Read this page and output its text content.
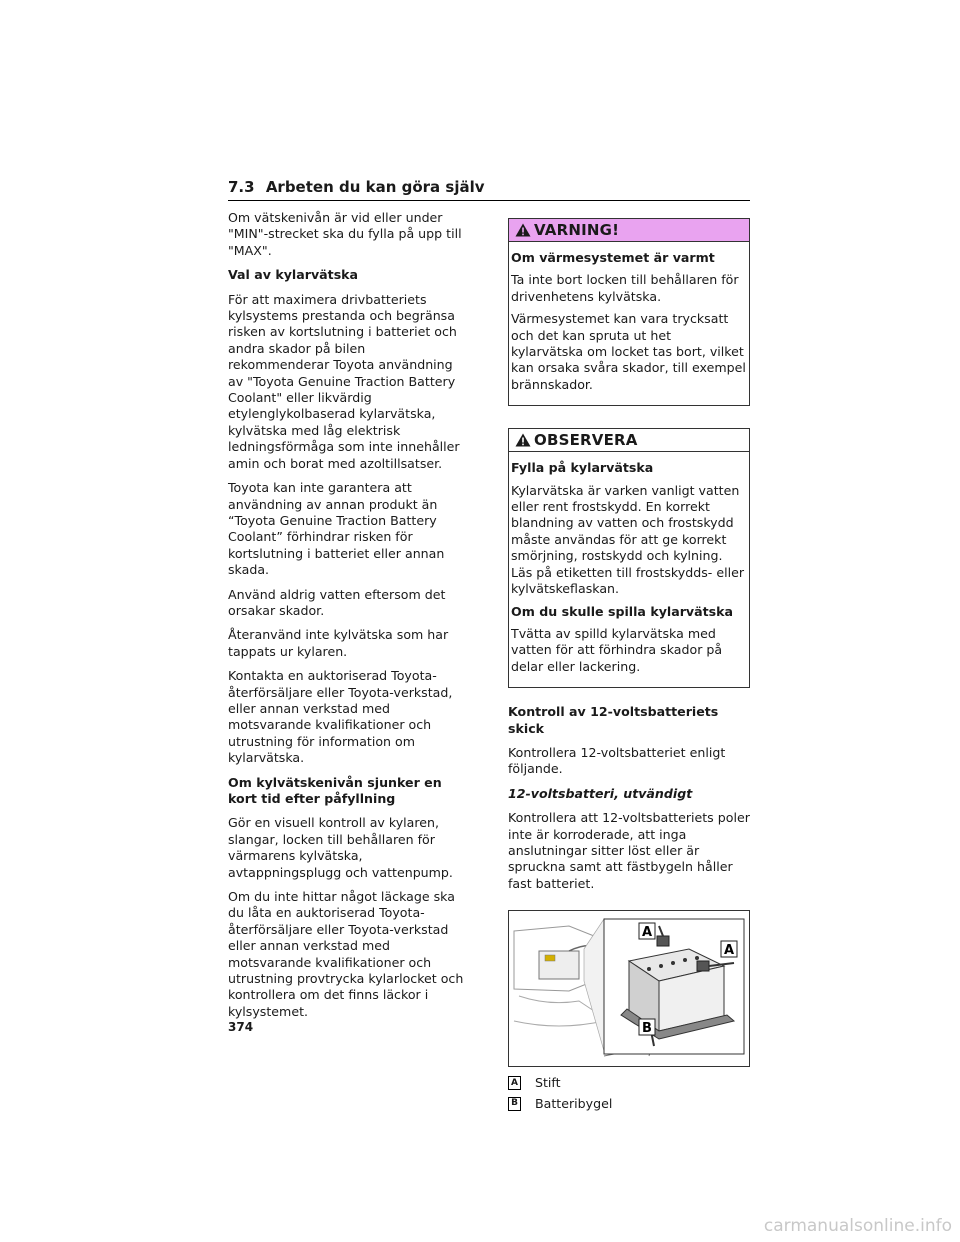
7.3 Arbeten du kan göra själv

Om vätskenivån är vid eller under "MIN"-strecket ska du fylla på upp till "MAX".

Val av kylarvätska

För att maximera drivbatteriets kylsystems prestanda och begränsa risken av kortslutning i batteriet och andra skador på bilen rekommenderar Toyota användning av "Toyota Genuine Traction Battery Coolant" eller likvärdig etylenglykolbaserad kylarvätska, kylvätska med låg elektrisk ledningsförmåga som inte innehåller amin och borat med azoltillsatser.

Toyota kan inte garantera att användning av annan produkt än “Toyota Genuine Traction Battery Coolant” förhindrar risken för kortslutning i batteriet eller annan skada.

Använd aldrig vatten eftersom det orsakar skador.

Återanvänd inte kylvätska som har tappats ur kylaren.

Kontakta en auktoriserad Toyota-återförsäljare eller Toyota-verkstad, eller annan verkstad med motsvarande kvalifikationer och utrustning för information om kylarvätska.

Om kylvätskenivån sjunker en kort tid efter påfyllning

Gör en visuell kontroll av kylaren, slangar, locken till behållaren för värmarens kylvätska, avtappningsplugg och vattenpump.

Om du inte hittar något läckage ska du låta en auktoriserad Toyota-återförsäljare eller Toyota-verkstad eller annan verkstad med motsvarande kvalifikationer och utrustning provtrycka kylarlocket och kontrollera om det finns läckor i kylsystemet.

VARNING!

Om värmesystemet är varmt

Ta inte bort locken till behållaren för drivenhetens kylvätska.

Värmesystemet kan vara trycksatt och det kan spruta ut het kylarvätska om locket tas bort, vilket kan orsaka svåra skador, till exempel brännskador.

OBSERVERA

Fylla på kylarvätska

Kylarvätska är varken vanligt vatten eller rent frostskydd. En korrekt blandning av vatten och frostskydd måste användas för att ge korrekt smörjning, rostskydd och kylning. Läs på etiketten till frostskydds- eller kylvätskeflaskan.

Om du skulle spilla kylarvätska

Tvätta av spilld kylarvätska med vatten för att förhindra skador på delar eller lackering.

Kontroll av 12-voltsbatteriets skick

Kontrollera 12-voltsbatteriet enligt följande.

12-voltsbatteri, utvändigt

Kontrollera att 12-voltsbatteriets poler inte är korroderade, att inga anslutningar sitter löst eller är spruckna samt att fästbygeln håller fast batteriet.

A
A
B
A Stift
B Batteribygel
374
carmanualsonline.info
